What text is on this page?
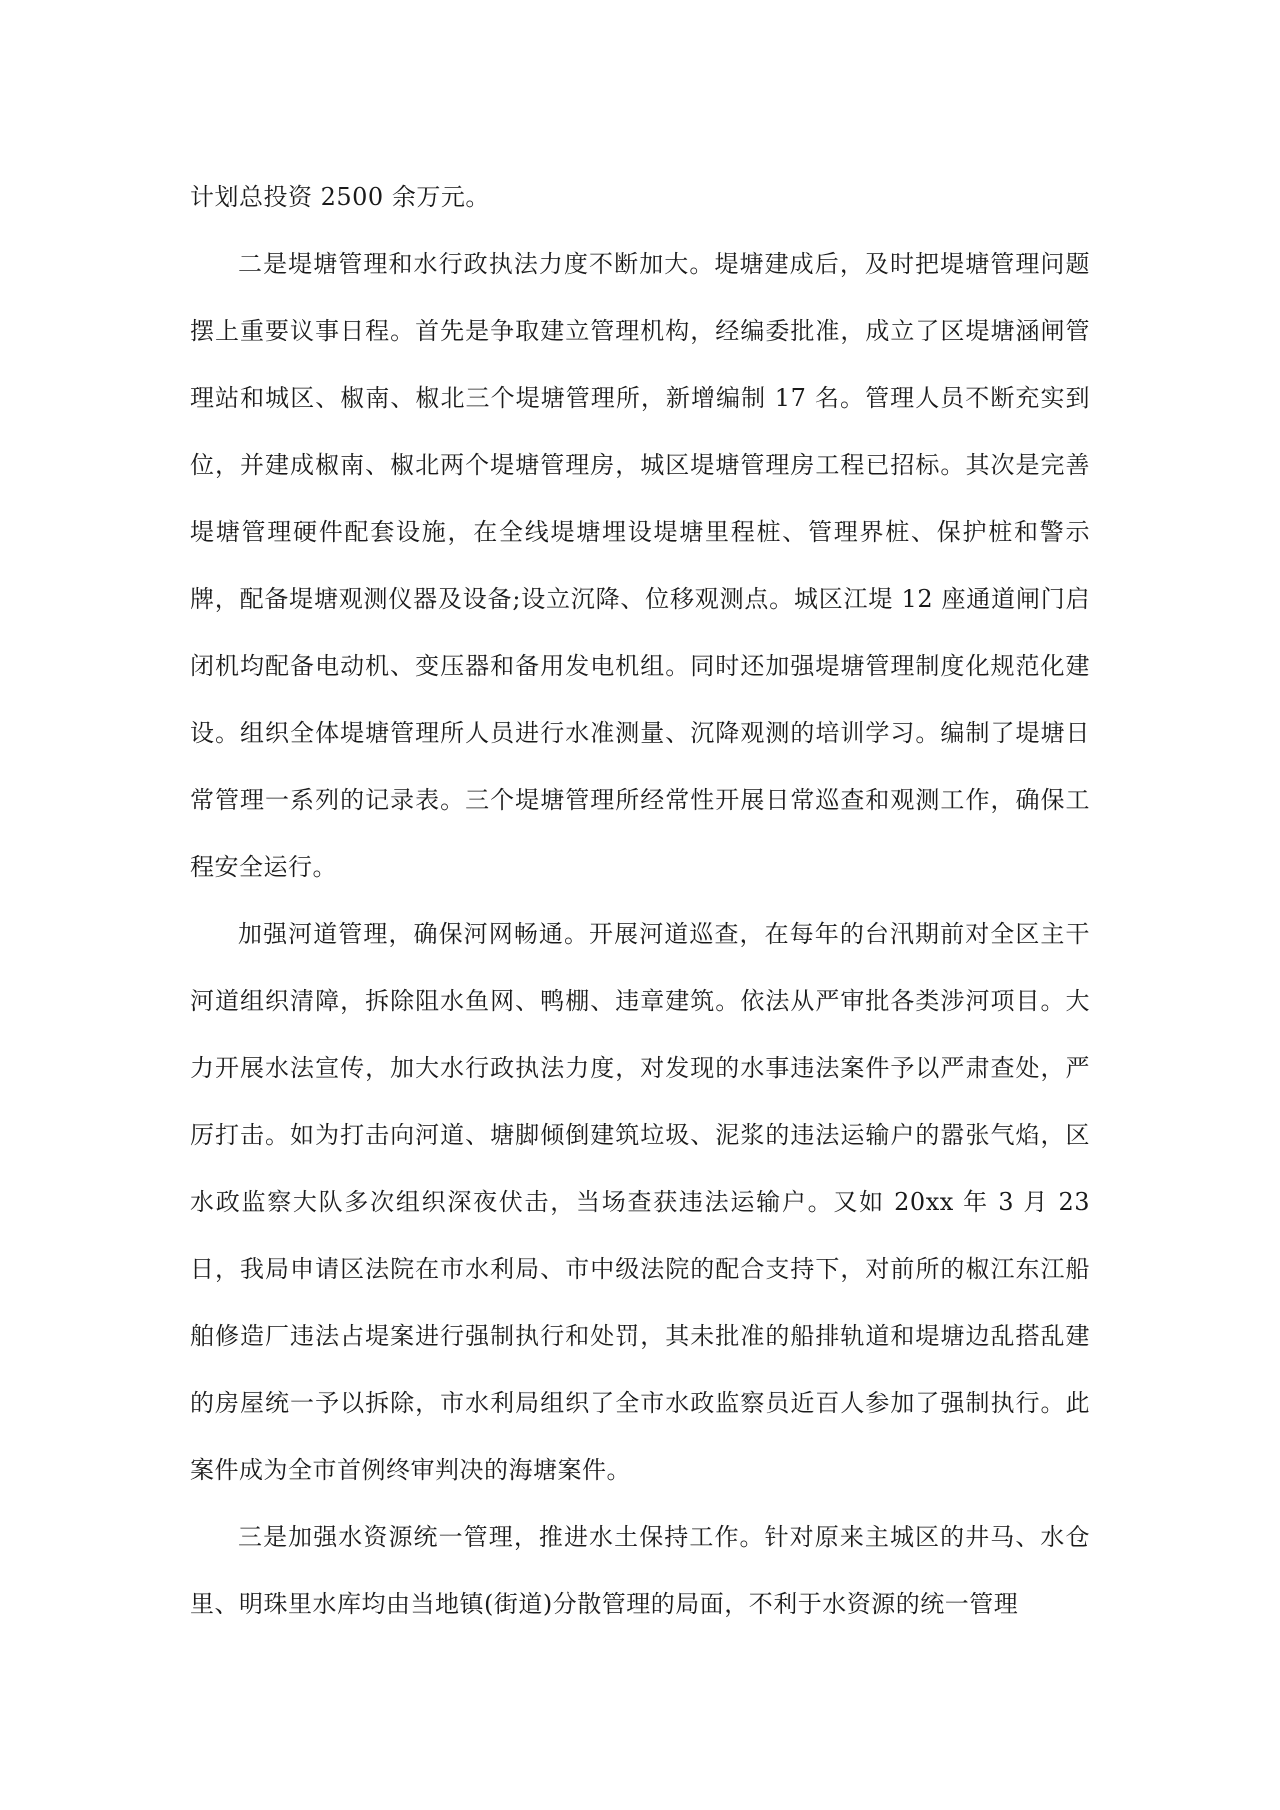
计划总投资 2500 余万元。

二是堤塘管理和水行政执法力度不断加大。堤塘建成后，及时把堤塘管理问题摆上重要议事日程。首先是争取建立管理机构，经编委批准，成立了区堤塘涵闸管理站和城区、椒南、椒北三个堤塘管理所，新增编制 17 名。管理人员不断充实到位，并建成椒南、椒北两个堤塘管理房，城区堤塘管理房工程已招标。其次是完善堤塘管理硬件配套设施，在全线堤塘埋设堤塘里程桩、管理界桩、保护桩和警示牌，配备堤塘观测仪器及设备;设立沉降、位移观测点。城区江堤 12 座通道闸门启闭机均配备电动机、变压器和备用发电机组。同时还加强堤塘管理制度化规范化建设。组织全体堤塘管理所人员进行水准测量、沉降观测的培训学习。编制了堤塘日常管理一系列的记录表。三个堤塘管理所经常性开展日常巡查和观测工作，确保工程安全运行。

加强河道管理，确保河网畅通。开展河道巡查，在每年的台汛期前对全区主干河道组织清障，拆除阻水鱼网、鸭棚、违章建筑。依法从严审批各类涉河项目。大力开展水法宣传，加大水行政执法力度，对发现的水事违法案件予以严肃查处，严厉打击。如为打击向河道、塘脚倾倒建筑垃圾、泥浆的违法运输户的嚣张气焰，区水政监察大队多次组织深夜伏击，当场查获违法运输户。又如 20xx 年 3 月 23 日，我局申请区法院在市水利局、市中级法院的配合支持下，对前所的椒江东江船舶修造厂违法占堤案进行强制执行和处罚，其未批准的船排轨道和堤塘边乱搭乱建的房屋统一予以拆除，市水利局组织了全市水政监察员近百人参加了强制执行。此案件成为全市首例终审判决的海塘案件。

三是加强水资源统一管理，推进水土保持工作。针对原来主城区的井马、水仓里、明珠里水库均由当地镇(街道)分散管理的局面，不利于水资源的统一管理
